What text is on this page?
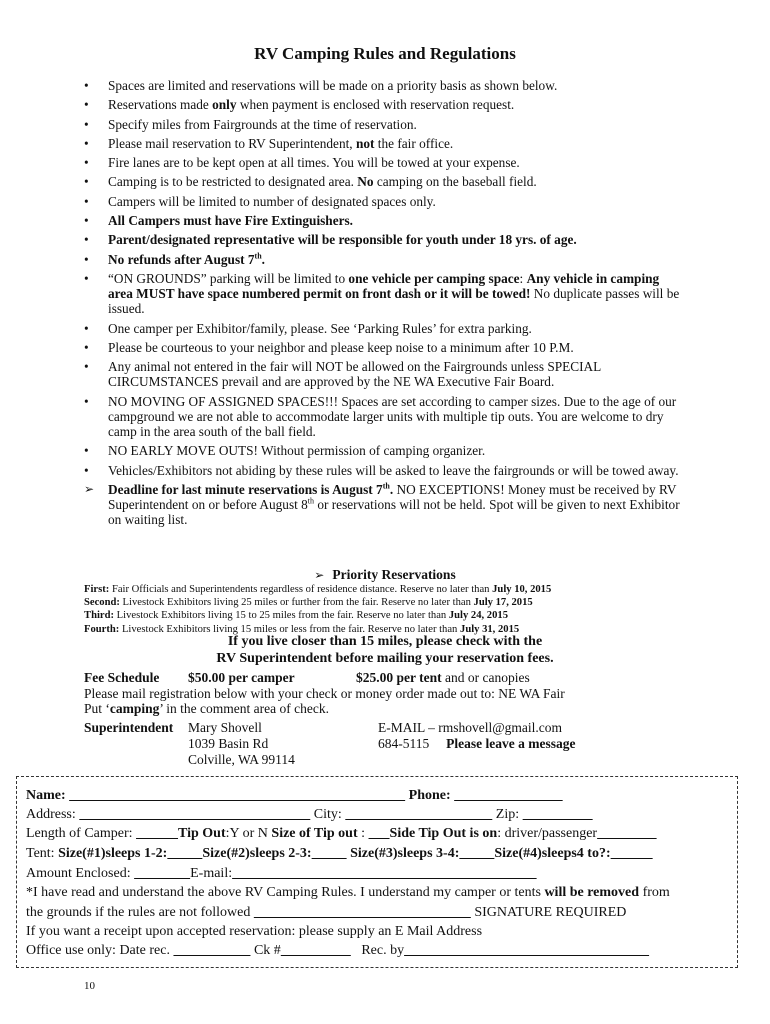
RV Camping Rules and Regulations
•	Spaces are limited and reservations will be made on a priority basis as shown below.
•	Reservations made only when payment is enclosed with reservation request.
•	Specify miles from Fairgrounds at the time of reservation.
•	Please mail reservation to RV Superintendent, not the fair office.
•	Fire lanes are to be kept open at all times. You will be towed at your expense.
•	Camping is to be restricted to designated area. No camping on the baseball field.
•	Campers will be limited to number of designated spaces only.
•	All Campers must have Fire Extinguishers.
•	Parent/designated representative will be responsible for youth under 18 yrs. of age.
•	No refunds after August 7th.
•	“ON GROUNDS” parking will be limited to one vehicle per camping space: Any vehicle in camping area MUST have space numbered permit on front dash or it will be towed! No duplicate passes will be issued.
•	One camper per Exhibitor/family, please. See ‘Parking Rules’ for extra parking.
•	Please be courteous to your neighbor and please keep noise to a minimum after 10 P.M.
•	Any animal not entered in the fair will NOT be allowed on the Fairgrounds unless SPECIAL CIRCUMSTANCES prevail and are approved by the NE WA Executive Fair Board.
•	NO MOVING OF ASSIGNED SPACES!!! Spaces are set according to camper sizes. Due to the age of our campground we are not able to accommodate larger units with multiple tip outs. You are welcome to dry camp in the area south of the ball field.
•	NO EARLY MOVE OUTS! Without permission of camping organizer.
•	Vehicles/Exhibitors not abiding by these rules will be asked to leave the fairgrounds or will be towed away.
➢	Deadline for last minute reservations is August 7th. NO EXCEPTIONS! Money must be received by RV Superintendent on or before August 8th or reservations will not be held. Spot will be given to next Exhibitor on waiting list.
➢ Priority Reservations
First: Fair Officials and Superintendents regardless of residence distance. Reserve no later than July 10, 2015
Second: Livestock Exhibitors living 25 miles or further from the fair. Reserve no later than July 17, 2015
Third: Livestock Exhibitors living 15 to 25 miles from the fair. Reserve no later than July 24, 2015
Fourth: Livestock Exhibitors living 15 miles or less from the fair. Reserve no later than July 31, 2015
If you live closer than 15 miles, please check with the
RV Superintendent before mailing your reservation fees.
Fee Schedule $50.00 per camper	$25.00 per tent and or canopies
Please mail registration below with your check or money order made out to: NE WA Fair
Put ‘camping’ in the comment area of check.
Superintendent Mary Shovell	E-MAIL – rmshovell@gmail.com
1039 Basin Rd	684-5115 Please leave a message
Colville, WA 99114
Name:	Phone:
Address:	City:	Zip:
Length of Camper:	Tip Out:Y or N Size of Tip out :       Side Tip Out is on: driver/passenger
Tent: Size(#1)sleeps 1-2:	Size(#2)sleeps 2-3:	Size(#3)sleeps 3-4:	Size(#4)sleeps4 to?:
Amount Enclosed:	E-mail:
*I have read and understand the above RV Camping Rules. I understand my camper or tents will be removed from
the grounds if the rules are not followed	SIGNATURE REQUIRED
If you want a receipt upon accepted reservation: please supply an E Mail Address
Office use only: Date rec.	Ck #	Rec. by
10
